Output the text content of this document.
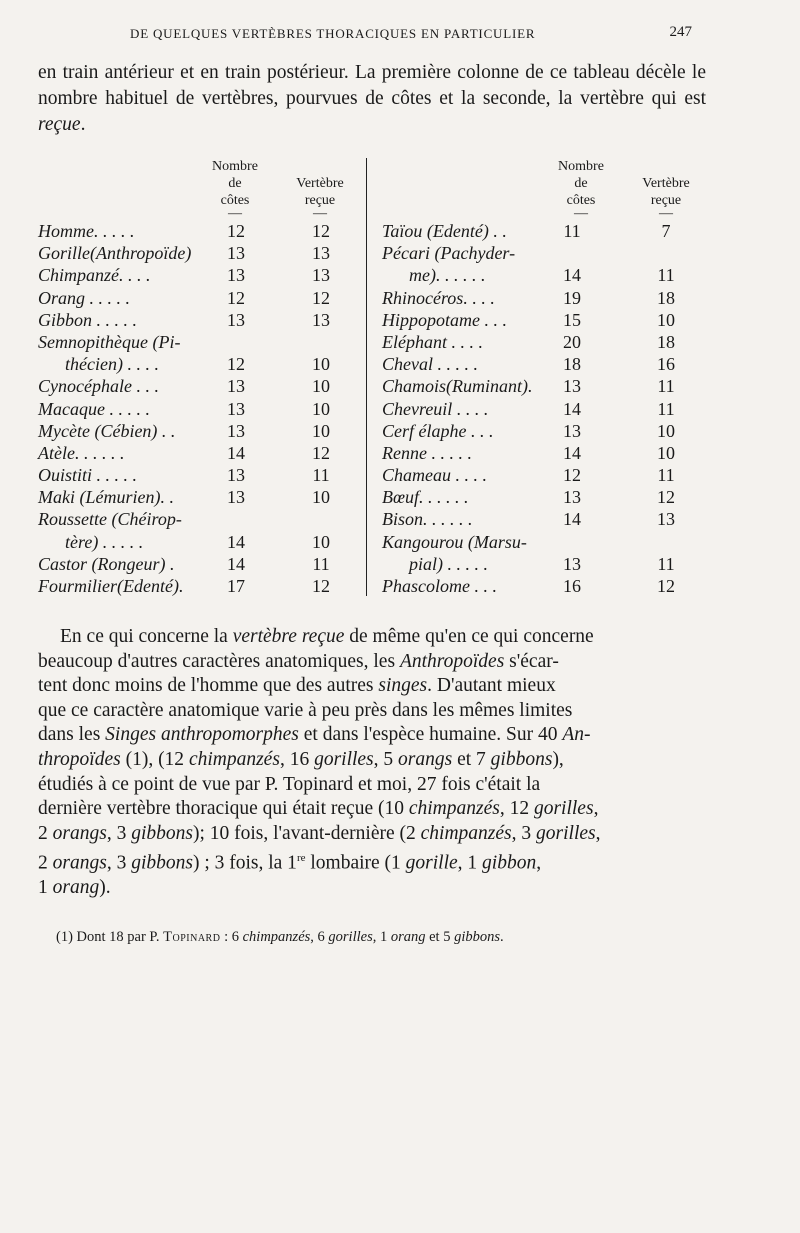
DE QUELQUES VERTÈBRES THORACIQUES EN PARTICULIER	247
en train antérieur et en train postérieur. La première colonne de ce tableau décèle le nombre habituel de vertèbres, pourvues de côtes et la seconde, la vertèbre qui est reçue.
Nombre
de
côtes
—
Vertèbre
reçue
—
Nombre
de
côtes
—
Vertèbre
reçue
—
Homme. . . . .	12	12
Gorille(Anthropoïde)	13	13
Chimpanzé. . . .	13	13
Orang . . . . .	12	12
Gibbon . . . . .	13	13
Semnopithèque (Pi-
thécien) . . . .	12	10
Cynocéphale . . .	13	10
Macaque . . . . .	13	10
Mycète (Cébien) . .	13	10
Atèle. . . . . .	14	12
Ouistiti . . . . .	13	11
Maki (Lémurien). .	13	10
Roussette (Chéirop-
tère) . . . . .	14	10
Castor (Rongeur) .	14	11
Fourmilier(Edenté).	17	12
Taïou (Edenté) . .	11	7
Pécari (Pachyder-
me). . . . . .	14	11
Rhinocéros. . . .	19	18
Hippopotame . . .	15	10
Eléphant . . . .	20	18
Cheval . . . . .	18	16
Chamois(Ruminant).	13	11
Chevreuil . . . .	14	11
Cerf élaphe . . .	13	10
Renne . . . . .	14	10
Chameau . . . .	12	11
Bœuf. . . . . .	13	12
Bison. . . . . .	14	13
Kangourou (Marsu-
pial) . . . . .	13	11
Phascolome . . .	16	12
En ce qui concerne la vertèbre reçue de même qu'en ce qui concerne
beaucoup d'autres caractères anatomiques, les Anthropoïdes s'écar-
tent donc moins de l'homme que des autres singes. D'autant mieux
que ce caractère anatomique varie à peu près dans les mêmes limites
dans les Singes anthropomorphes et dans l'espèce humaine. Sur 40 An-
thropoïdes (1), (12 chimpanzés, 16 gorilles, 5 orangs et 7 gibbons),
étudiés à ce point de vue par P. Topinard et moi, 27 fois c'était la
dernière vertèbre thoracique qui était reçue (10 chimpanzés, 12 gorilles,
2 orangs, 3 gibbons); 10 fois, l'avant-dernière (2 chimpanzés, 3 gorilles,
2 orangs, 3 gibbons) ; 3 fois, la 1re lombaire (1 gorille, 1 gibbon,
1 orang).
(1) Dont 18 par P. Topinard : 6 chimpanzés, 6 gorilles, 1 orang et 5 gibbons.
